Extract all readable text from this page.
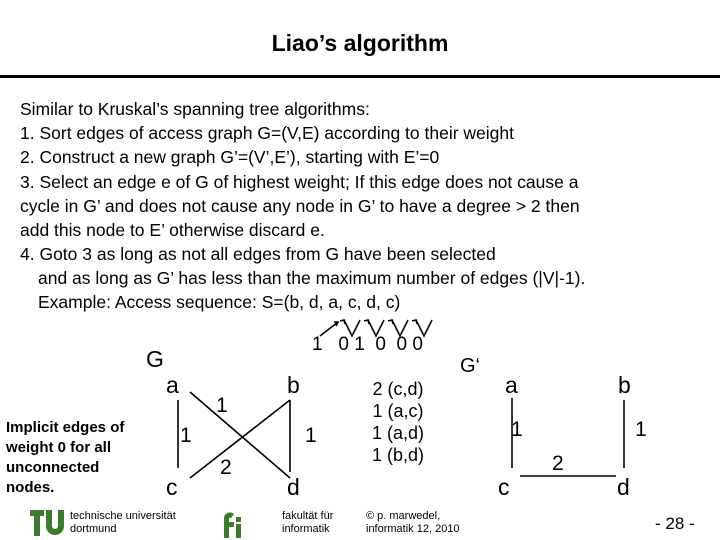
Liao’s algorithm
Similar to Kruskal’s spanning tree algorithms:
1. Sort edges of access graph G=(V,E) according to their weight
2. Construct a new graph G’=(V’,E’), starting with E’=0
3. Select an edge e of G of highest weight; If this edge does not cause a
cycle in G’ and does not cause any node in G’ to have a degree > 2 then
add this node to E’ otherwise discard e.
4. Goto 3 as long as not all edges from G have been selected
and as long as G’ has less than the maximum number of edges (|V|-1).
Example: Access sequence: S=(b, d, a, c, d, c)
1   0 1  0  0 0
G
a	b
c	d
1
1
1
2
Implicit edges of
weight 0 for all
unconnected
nodes.
2 (c,d)
1 (a,c)
1 (a,d)
1 (b,d)
G‘
a	b
c	d
1	1
2
technische universität
dortmund
fakultät für
informatik
© p. marwedel,
informatik 12, 2010	- 28 -
